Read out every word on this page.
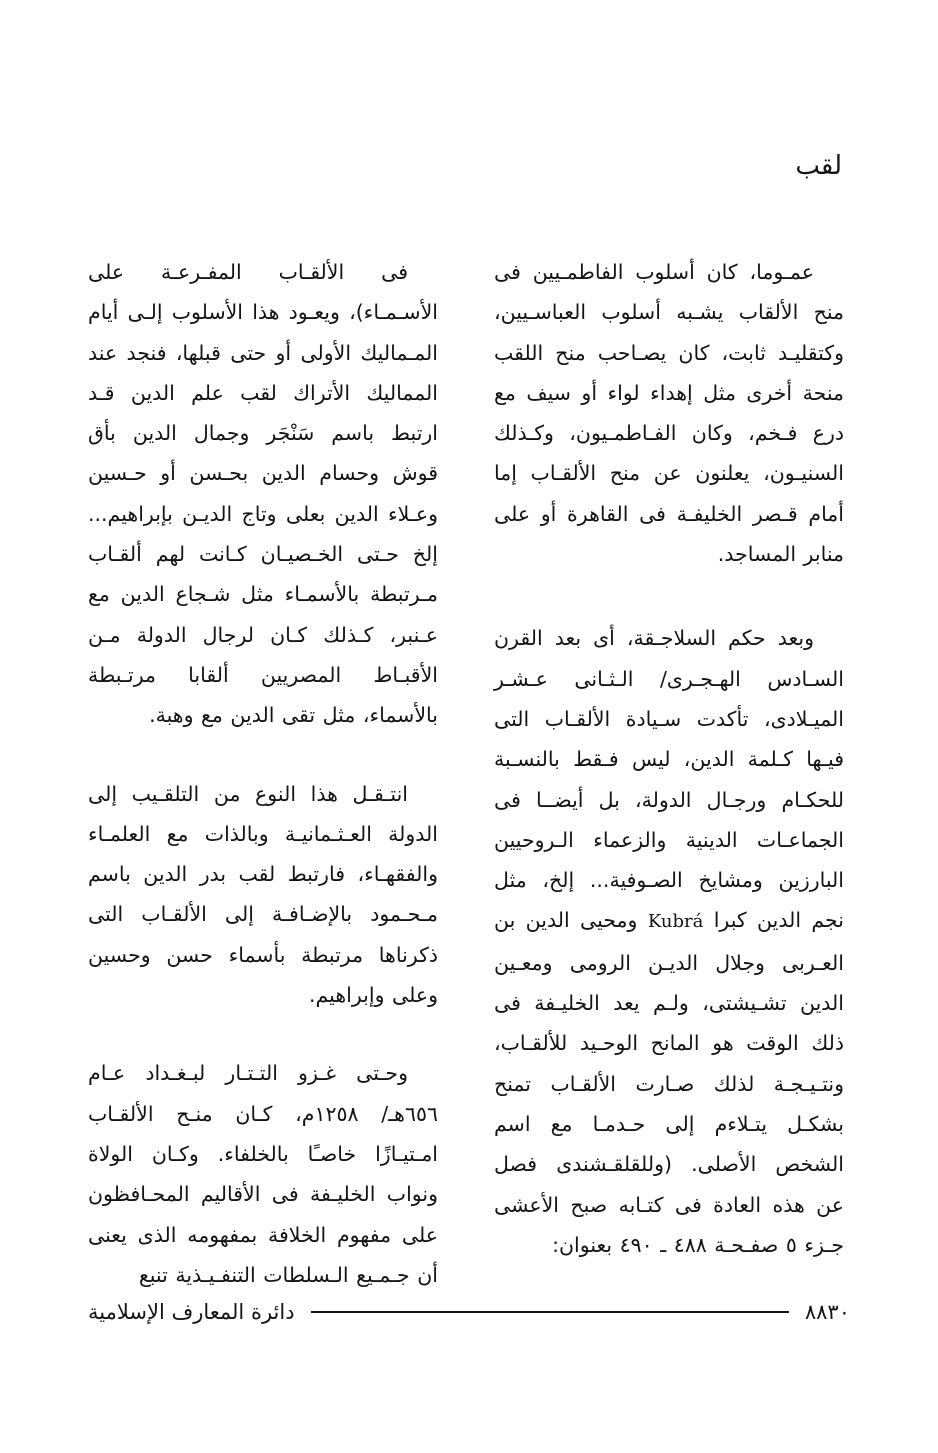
لقب

عمـوما، كان أسلوب الفاطمـيين فى منح الألقاب يشـبه أسلوب العباسـيين، وكتقليـد ثابت، كان يصـاحب منح اللقب منحة أخرى مثل إهداء لواء أو سيف مع درع فـخم، وكان الفـاطمـيون، وكـذلك السنيـون، يعلنون عن منح الألقـاب إما أمام قـصر الخليفـة فى القاهرة أو على منابر المساجد.

وبعد حكم السلاجـقة، أى بعد القرن السـادس الهـجـرى/ الـثـانى عـشـر الميـلادى، تأكدت سـيادة الألقـاب التى فيـها كـلمة الدين، ليس فـقط بالنسـبة للحكـام ورجـال الدولة، بل أيضــا فى الجماعـات الدينية والزعماء الـروحيين البارزين ومشايخ الصـوفية... إلخ، مثل نجم الدين كبرا Kubrá ومحيى الدين بن العـربى وجلال الديـن الرومى ومعـين الدين تشـيشتى، ولـم يعد الخليـفة فى ذلك الوقت هو المانح الوحـيد للألقـاب، ونتـيـجـة لذلك صـارت الألقـاب تمنح بشكـل يتـلاءم إلى حـدمـا مع اسم الشخص الأصلى. (وللقلقـشندى فصل عن هذه العادة فى كتـابه صبح الأعشى جـزء ٥ صفـحـة ٤٨٨ ـ ٤٩٠ بعنوان:

فى الألقـاب المفـرعـة على الأسـمـاء)، ويعـود هذا الأسلوب إلـى أيام المـماليك الأولى أو حتى قبلها، فنجد عند المماليك الأتراك لقب علم الدين قـد ارتبط باسم سَنْجَر وجمال الدين بأق قوش وحسام الدين بحـسن أو حـسين وعـلاء الدين بعلى وتاج الديـن بإبراهيم... إلخ حـتى الخـصيـان كـانت لهم ألقـاب مـرتبطة بالأسمـاء مثل شـجاع الدين مع عـنبر، كـذلك كـان لرجال الدولة مـن الأقبـاط المصريين ألقابا مرتـبطة بالأسماء، مثل تقى الدين مع وهبة.

انتـقـل هذا النوع من التلقـيب إلى الدولة العـثـمانيـة وبالذات مع العلمـاء والفقهـاء، فارتبط لقب بدر الدين باسم مـحـمود بالإضـافـة إلى الألقـاب التى ذكرناها مرتبطة بأسماء حسن وحسين وعلى وإبراهيم.

وحـتى غـزو التـتـار لبـغـداد عـام ٦٥٦هـ/ ١٢٥٨م، كـان منـح الألقـاب امـتيـازًا خاصـًا بالخلفاء. وكـان الولاة ونواب الخليـفة فى الأقاليم المحـافظون على مفهوم الخلافة بمفهومه الذى يعنى أن جـمـيع الـسلطات التنفـيـذية تنبع

٨٨٣٠
دائرة المعارف الإسلامية
